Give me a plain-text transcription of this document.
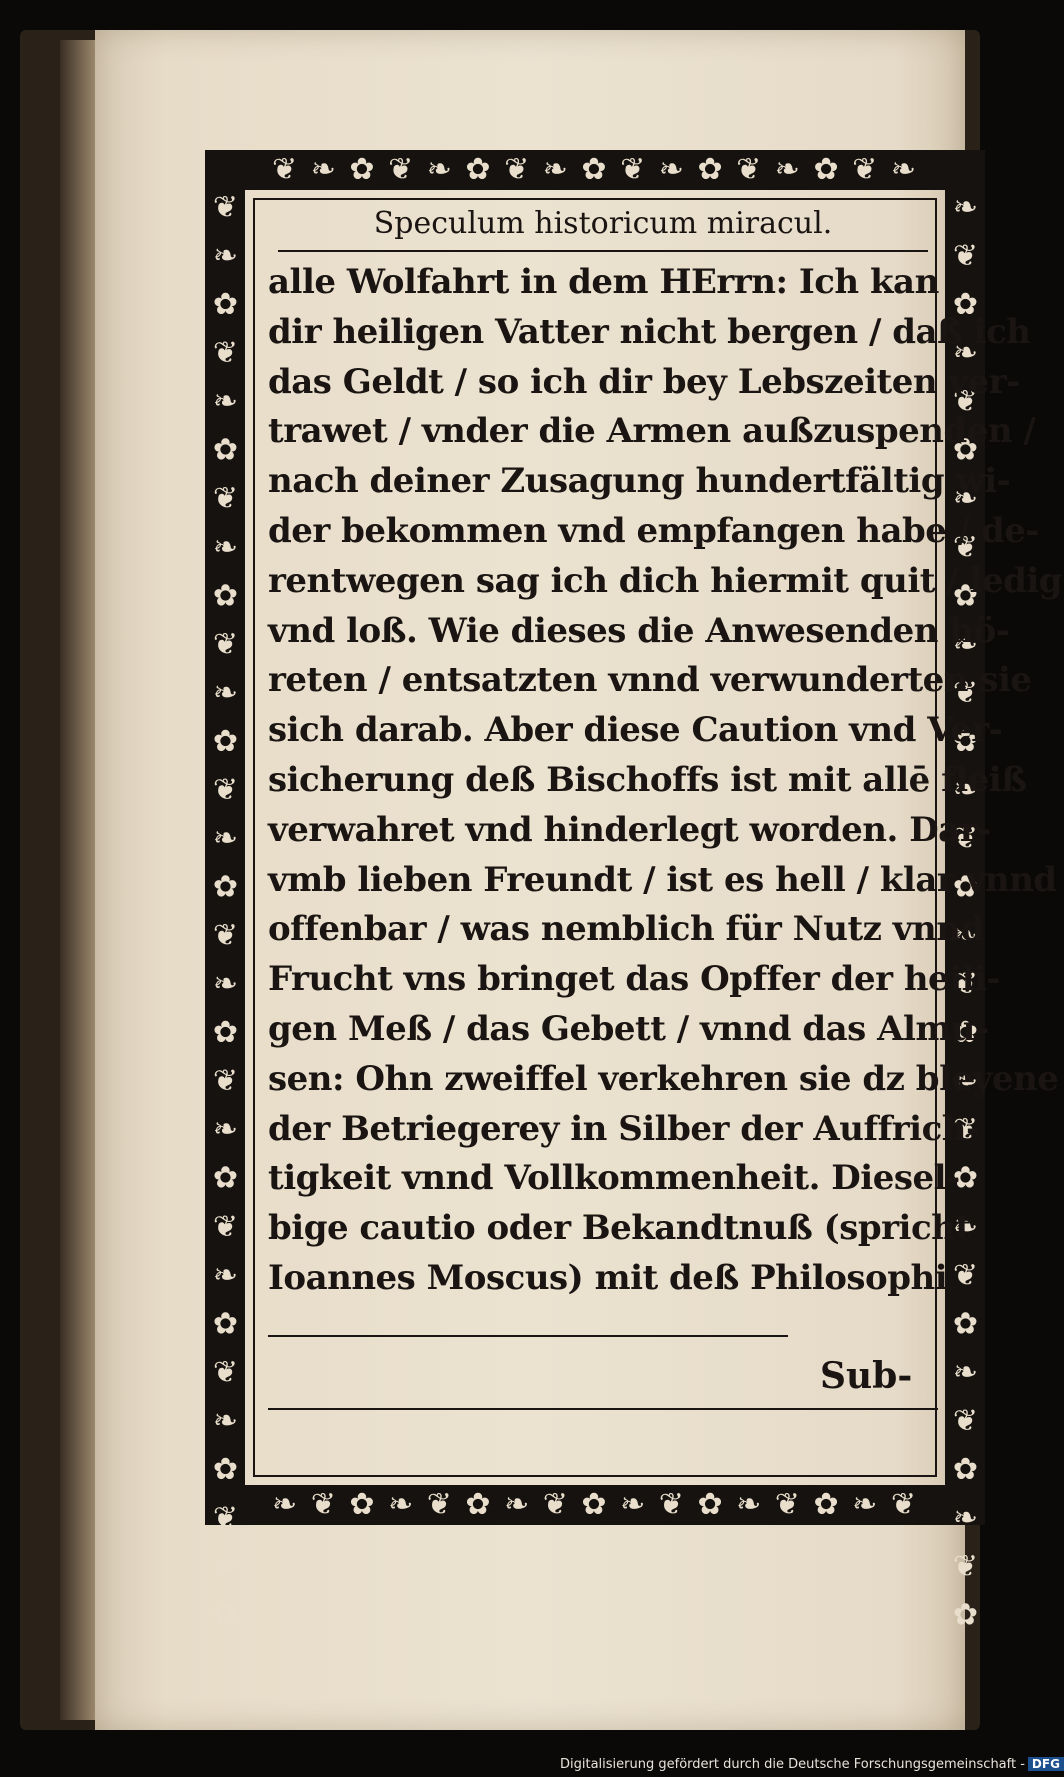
❦ ❧ ✿ ❦ ❧ ✿ ❦ ❧ ✿ ❦ ❧ ✿ ❦ ❧ ✿ ❦ ❧
❧ ❦ ✿ ❧ ❦ ✿ ❧ ❦ ✿ ❧ ❦ ✿ ❧ ❦ ✿ ❧ ❦
❦ ❧ ✿ ❦ ❧ ✿ ❦ ❧ ✿ ❦ ❧ ✿ ❦ ❧ ✿ ❦ ❧ ✿ ❦ ❧ ✿ ❦ ❧ ✿ ❦ ❧ ✿ ❦ ❧ ✿	❧ ❦ ✿ ❧ ❦ ✿ ❧ ❦ ✿ ❧ ❦ ✿ ❧ ❦ ✿ ❧ ❦ ✿ ❧ ❦ ✿ ❧ ❦ ✿ ❧ ❦ ✿ ❧ ❦ ✿
Speculum historicum miracul.
alle Wolfahrt in dem HErrn: Ich kan
dir heiligen Vatter nicht bergen / daß ich
das Geldt / so ich dir bey Lebszeiten ver-
trawet / vnder die Armen außzuspenden /
nach deiner Zusagung hundertfältig wi-
der bekommen vnd empfangen habe / de-
rentwegen sag ich dich hiermit quit / ledig
vnd loß. Wie dieses die Anwesenden hö-
reten / entsatzten vnnd verwunderten sie
sich darab. Aber diese Caution vnd Ver-
sicherung deß Bischoffs ist mit allē fleiß
verwahret vnd hinderlegt worden. Dar-
vmb lieben Freundt / ist es hell / klar vnnd
offenbar / was nemblich für Nutz vnnd
Frucht vns bringet das Opffer der heili-
gen Meß / das Gebett / vnnd das Almu-
sen: Ohn zweiffel verkehren sie dz bleyene
der Betriegerey in Silber der Auffrich-
tigkeit vnnd Vollkommenheit. Diesel-
bige cautio oder Bekandtnuß (spricht
Ioannes Moscus) mit deß Philosophi
Sub-
Digitalisierung gefördert durch die Deutsche Forschungsgemeinschaft - DFG
